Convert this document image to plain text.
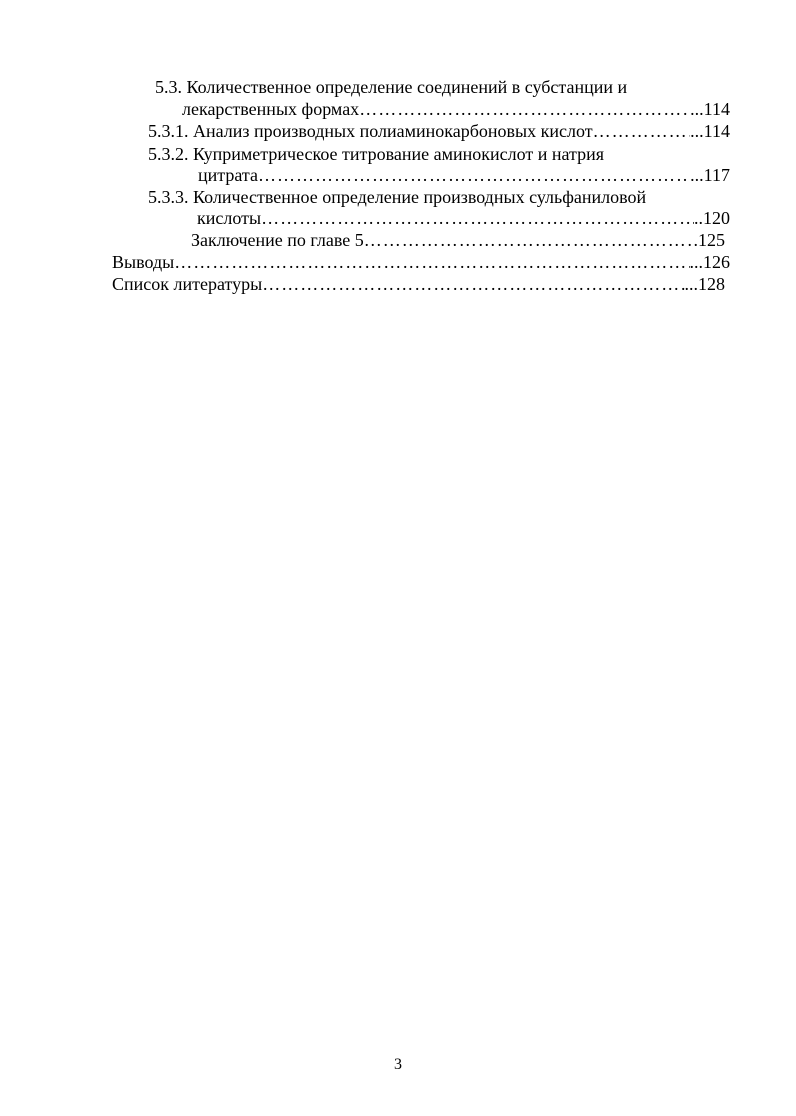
5.3. Количественное определение соединений в субстанции и
лекарственных формах ………………………………………………………………………………………………………………………………………………	...114
5.3.1. Анализ производных полиаминокарбоновых кислот ………………………………………………………………………………………………………………………………………………	...114
5.3.2. Куприметрическое титрование аминокислот и натрия
цитрата ………………………………………………………………………………………………………………………………………………	...117
5.3.3. Количественное определение производных сульфаниловой
кислоты ………………………………………………………………………………………………………………………………………………	..120
Заключение по главе 5 ………………………………………………………………………………………………………………………………………………	.125
Выводы ………………………………………………………………………………………………………………………………………………	...126
Список литературы ………………………………………………………………………………………………………………………………………………	...128
3
